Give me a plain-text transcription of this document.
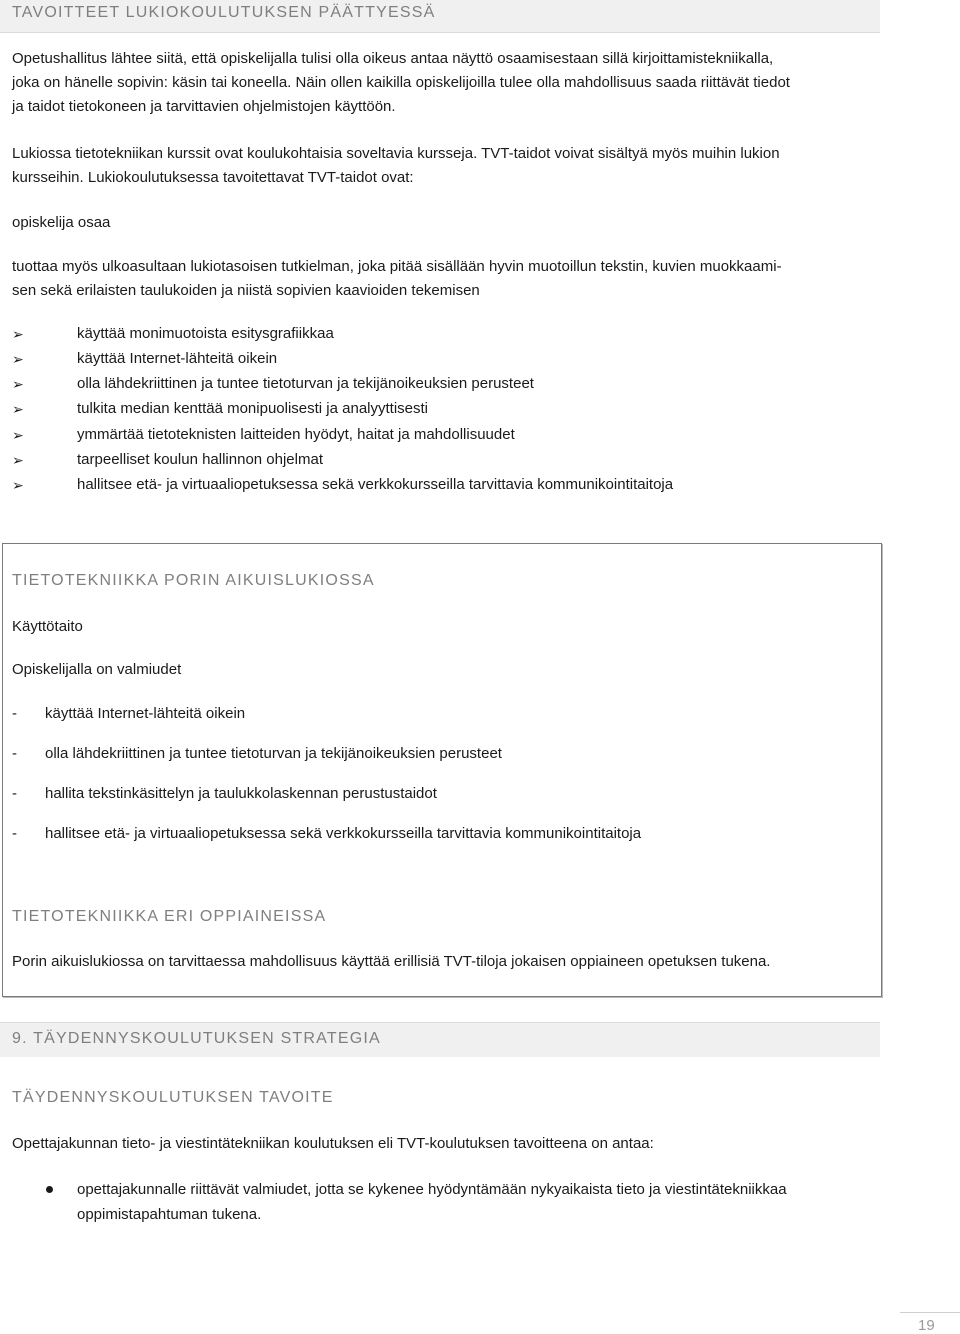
TAVOITTEET LUKIOKOULUTUKSEN PÄÄTTYESSÄ
Opetushallitus lähtee siitä, että opiskelijalla tulisi olla oikeus antaa näyttö osaamisestaan sillä kirjoittamistekniikalla,
joka on hänelle sopivin: käsin tai koneella. Näin ollen kaikilla opiskelijoilla tulee olla mahdollisuus saada riittävät tiedot
ja taidot tietokoneen ja tarvittavien ohjelmistojen käyttöön.
Lukiossa tietotekniikan kurssit ovat koulukohtaisia soveltavia kursseja. TVT-taidot voivat sisältyä myös muihin lukion
kursseihin. Lukiokoulutuksessa tavoitettavat TVT-taidot ovat:
opiskelija osaa
tuottaa myös ulkoasultaan lukiotasoisen tutkielman, joka pitää sisällään hyvin muotoillun tekstin, kuvien muokkaami-
sen sekä erilaisten taulukoiden ja niistä sopivien kaavioiden tekemisen
➢	käyttää monimuotoista esitysgrafiikkaa
➢	käyttää Internet-lähteitä oikein
➢	olla lähdekriittinen ja tuntee tietoturvan ja tekijänoikeuksien perusteet
➢	tulkita median kenttää monipuolisesti ja analyyttisesti
➢	ymmärtää tietoteknisten laitteiden hyödyt, haitat ja mahdollisuudet
➢	tarpeelliset koulun hallinnon ohjelmat
➢	hallitsee etä- ja virtuaaliopetuksessa sekä verkkokursseilla tarvittavia kommunikointitaitoja
TIETOTEKNIIKKA PORIN AIKUISLUKIOSSA
Käyttötaito
Opiskelijalla on valmiudet
- käyttää Internet-lähteitä oikein
- olla lähdekriittinen ja tuntee tietoturvan ja tekijänoikeuksien perusteet
- hallita tekstinkäsittelyn ja taulukkolaskennan perustustaidot
- hallitsee etä- ja virtuaaliopetuksessa sekä verkkokursseilla tarvittavia kommunikointitaitoja
TIETOTEKNIIKKA ERI OPPIAINEISSA
Porin aikuislukiossa on tarvittaessa mahdollisuus käyttää erillisiä TVT-tiloja jokaisen oppiaineen opetuksen tukena.
9. TÄYDENNYSKOULUTUKSEN STRATEGIA
TÄYDENNYSKOULUTUKSEN TAVOITE
Opettajakunnan tieto- ja viestintätekniikan koulutuksen eli TVT-koulutuksen tavoitteena on antaa:
opettajakunnalle riittävät valmiudet, jotta se kykenee hyödyntämään nykyaikaista tieto ja viestintätekniikkaa
oppimistapahtuman tukena.
19
